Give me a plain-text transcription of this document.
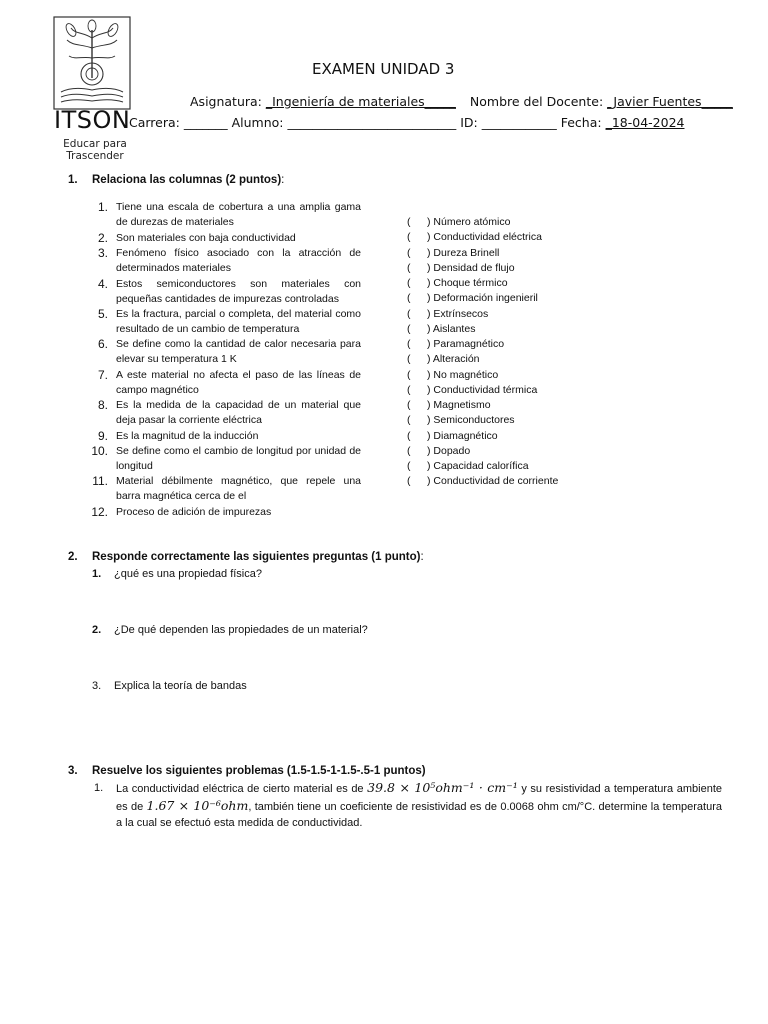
ITSON
Educar para Trascender
EXAMEN UNIDAD 3
Asignatura: _Ingeniería de materiales_____ Nombre del Docente: _Javier Fuentes_____
Carrera: _______ Alumno: ___________________________ ID: ____________ Fecha: _18-04-2024
1. Relaciona las columnas (2 puntos):
1. Tiene una escala de cobertura a una amplia gama de durezas de materiales
2. Son materiales con baja conductividad
3. Fenómeno físico asociado con la atracción de determinados materiales
4. Estos semiconductores son materiales con pequeñas cantidades de impurezas controladas
5. Es la fractura, parcial o completa, del material como resultado de un cambio de temperatura
6. Se define como la cantidad de calor necesaria para elevar su temperatura 1 K
7. A este material no afecta el paso de las líneas de campo magnético
8. Es la medida de la capacidad de un material que deja pasar la corriente eléctrica
9. Es la magnitud de la inducción
10. Se define como el cambio de longitud por unidad de longitud
11. Material débilmente magnético, que repele una barra magnética cerca de el
12. Proceso de adición de impurezas
( ) Número atómico
( ) Conductividad eléctrica
( ) Dureza Brinell
( ) Densidad de flujo
( ) Choque térmico
( ) Deformación ingenieril
( ) Extrínsecos
( ) Aislantes
( ) Paramagnético
( ) Alteración
( ) No magnético
( ) Conductividad térmica
( ) Magnetismo
( ) Semiconductores
( ) Diamagnético
( ) Dopado
( ) Capacidad calorífica
( ) Conductividad de corriente
2. Responde correctamente las siguientes preguntas (1 punto):
1. ¿qué es una propiedad física?
2. ¿De qué dependen las propiedades de un material?
3. Explica la teoría de bandas
3. Resuelve los siguientes problemas (1.5-1.5-1-1.5-.5-1 puntos)
1. La conductividad eléctrica de cierto material es de 39.8 × 10⁵ohm⁻¹ · cm⁻¹ y su resistividad a temperatura ambiente es de 1.67 × 10⁻⁶ohm, también tiene un coeficiente de resistividad es de 0.0068 ohm cm/°C. determine la temperatura a la cual se efectuó esta medida de conductividad.
